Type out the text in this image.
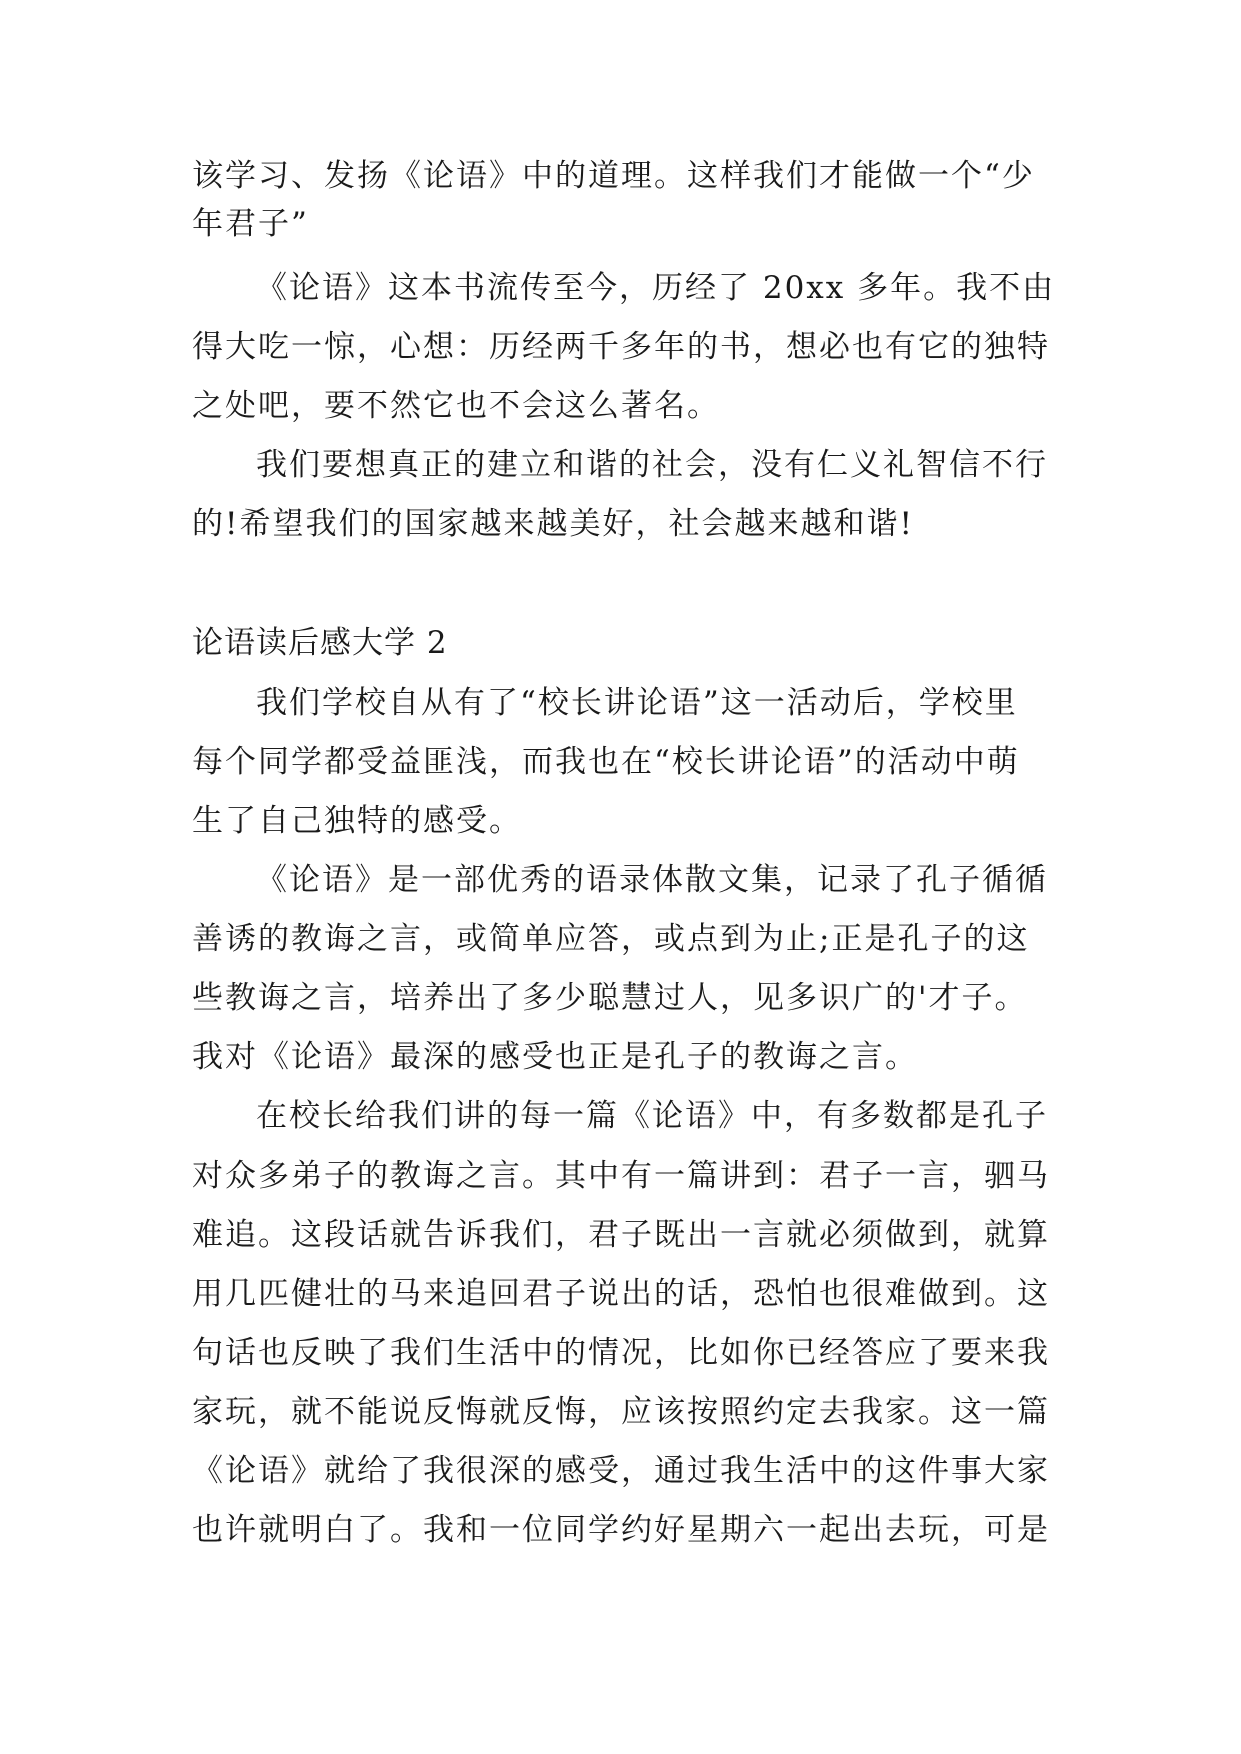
该学习、发扬《论语》中的道理。这样我们才能做一个“少

年君子”

《论语》这本书流传至今，历经了 20xx 多年。我不由

得大吃一惊，心想：历经两千多年的书，想必也有它的独特

之处吧，要不然它也不会这么著名。

我们要想真正的建立和谐的社会，没有仁义礼智信不行

的!希望我们的国家越来越美好，社会越来越和谐!

论语读后感大学 2

我们学校自从有了“校长讲论语”这一活动后，学校里

每个同学都受益匪浅，而我也在“校长讲论语”的活动中萌

生了自己独特的感受。

《论语》是一部优秀的语录体散文集，记录了孔子循循

善诱的教诲之言，或简单应答，或点到为止;正是孔子的这

些教诲之言，培养出了多少聪慧过人，见多识广的'才子。

我对《论语》最深的感受也正是孔子的教诲之言。

在校长给我们讲的每一篇《论语》中，有多数都是孔子

对众多弟子的教诲之言。其中有一篇讲到：君子一言，驷马

难追。这段话就告诉我们，君子既出一言就必须做到，就算

用几匹健壮的马来追回君子说出的话，恐怕也很难做到。这

句话也反映了我们生活中的情况，比如你已经答应了要来我

家玩，就不能说反悔就反悔，应该按照约定去我家。这一篇

《论语》就给了我很深的感受，通过我生活中的这件事大家

也许就明白了。我和一位同学约好星期六一起出去玩，可是
